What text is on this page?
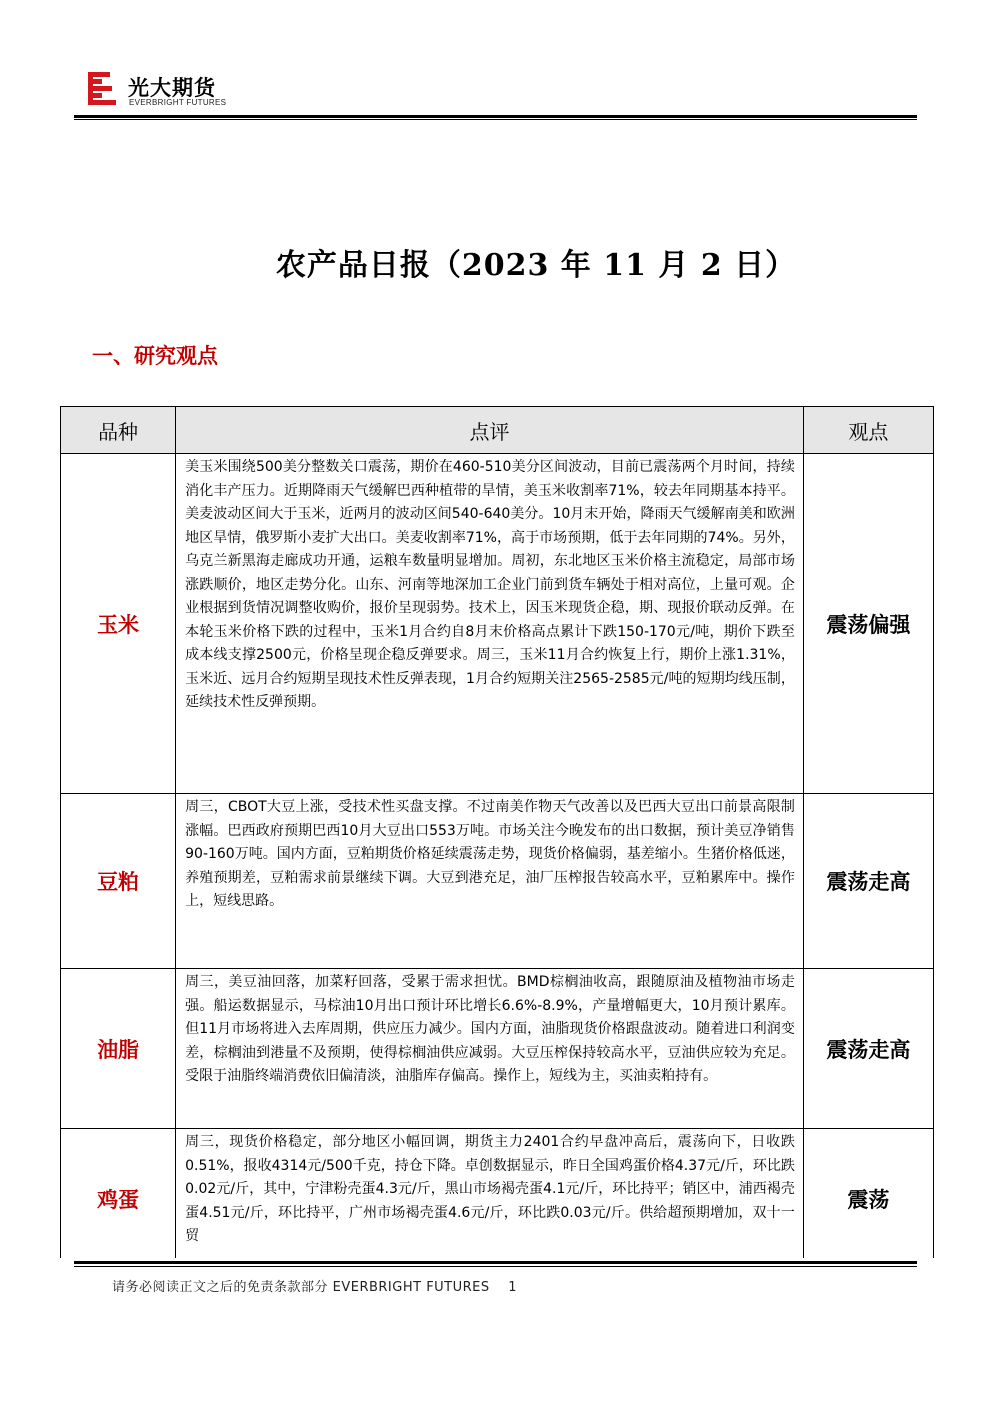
光大期货
EVERBRIGHT FUTURES
农产品日报（2023 年 11 月 2 日）
一、研究观点
品种	点评	观点
玉米	美玉米围绕500美分整数关口震荡，期价在460-510美分区间波动，目前已震荡两个月时间，持续消化丰产压力。近期降雨天气缓解巴西种植带的旱情，美玉米收割率71%，较去年同期基本持平。美麦波动区间大于玉米，近两月的波动区间540-640美分。10月末开始，降雨天气缓解南美和欧洲地区旱情，俄罗斯小麦扩大出口。美麦收割率71%，高于市场预期，低于去年同期的74%。另外，乌克兰新黑海走廊成功开通，运粮车数量明显增加。周初，东北地区玉米价格主流稳定，局部市场涨跌顺价，地区走势分化。山东、河南等地深加工企业门前到货车辆处于相对高位，上量可观。企业根据到货情况调整收购价，报价呈现弱势。技术上，因玉米现货企稳，期、现报价联动反弹。在本轮玉米价格下跌的过程中，玉米1月合约自8月末价格高点累计下跌150-170元/吨，期价下跌至成本线支撑2500元，价格呈现企稳反弹要求。周三，玉米11月合约恢复上行，期价上涨1.31%，玉米近、远月合约短期呈现技术性反弹表现，1月合约短期关注2565-2585元/吨的短期均线压制，延续技术性反弹预期。	震荡偏强
豆粕	周三，CBOT大豆上涨，受技术性买盘支撑。不过南美作物天气改善以及巴西大豆出口前景高限制涨幅。巴西政府预期巴西10月大豆出口553万吨。市场关注今晚发布的出口数据，预计美豆净销售90-160万吨。国内方面，豆粕期货价格延续震荡走势，现货价格偏弱，基差缩小。生猪价格低迷，养殖预期差，豆粕需求前景继续下调。大豆到港充足，油厂压榨报告较高水平，豆粕累库中。操作上，短线思路。	震荡走高
油脂	周三，美豆油回落，加菜籽回落，受累于需求担忧。BMD棕榈油收高，跟随原油及植物油市场走强。船运数据显示，马棕油10月出口预计环比增长6.6%-8.9%，产量增幅更大，10月预计累库。但11月市场将进入去库周期，供应压力减少。国内方面，油脂现货价格跟盘波动。随着进口利润变差，棕榈油到港量不及预期，使得棕榈油供应减弱。大豆压榨保持较高水平，豆油供应较为充足。受限于油脂终端消费依旧偏清淡，油脂库存偏高。操作上，短线为主，买油卖粕持有。	震荡走高
鸡蛋	周三，现货价格稳定，部分地区小幅回调，期货主力2401合约早盘冲高后，震荡向下，日收跌0.51%，报收4314元/500千克，持仓下降。卓创数据显示，昨日全国鸡蛋价格4.37元/斤，环比跌0.02元/斤，其中，宁津粉壳蛋4.3元/斤，黑山市场褐壳蛋4.1元/斤，环比持平；销区中，浦西褐壳蛋4.51元/斤，环比持平，广州市场褐壳蛋4.6元/斤，环比跌0.03元/斤。供给超预期增加，双十一贸	震荡
请务必阅读正文之后的免责条款部分 EVERBRIGHT FUTURES 1
